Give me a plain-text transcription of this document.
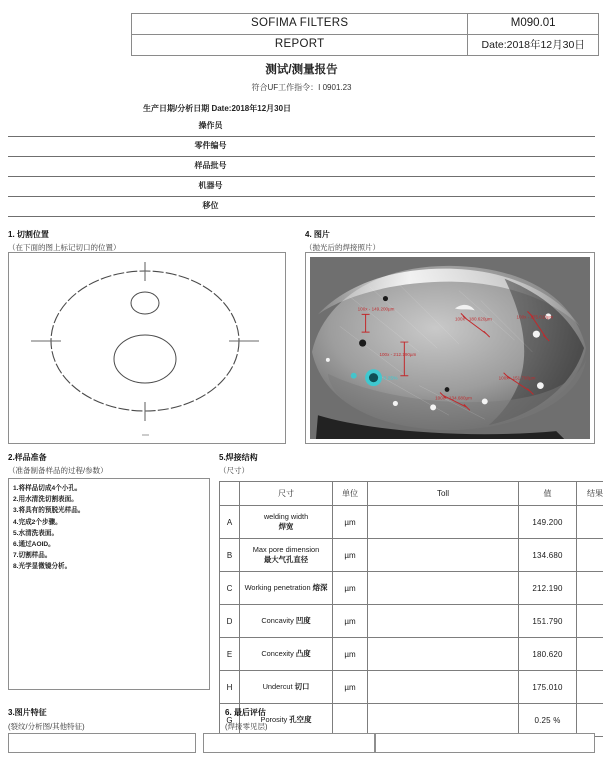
SOFIMA FILTERS	M090.01
REPORT	Date:2018年12月30日
测试/测量报告
符合UF工作指令：I 0901.23
生产日期/分析日期 Date:2018年12月30日
操作员
零件编号
样品批号
机器号
移位
1. 切割位置
（在下面的图上标记切口的位置）
4. 图片
（抛光后的焊接照片）
0.25%
100x - 149.200µm
100x - 212.190µm
100x - 180.620µm	100x - 175.010µm
100x - 151.790µm
100x - 134.680µm
2.样品准备
（准备制备样品的过程/参数）
5.焊接结构
（尺寸）
1.将样品切成4个小孔。
2.用水清洗切割表面。
3.将具有的预脱光样品。
4.完成2个步骤。
5.水清洗表面。
6.通过AOID。
7.切割样品。
8.光学显微镜分析。
	尺寸	单位	Toll	值	结果
A	welding width
焊宽	µm		149.200	
B	Max pore dimension
最大气孔直径	µm		134.680	
C	Working penetration 熔深	µm		212.190	
D	Concavity 凹度	µm		151.790	
E	Concexity 凸度	µm		180.620	
H	Undercut 切口	µm		175.010	
G	Porosity 孔空度			0.25 %	
3.图片特征
(裂纹/分析图/其他特征)
6. 最后评估
(焊接零见层)
